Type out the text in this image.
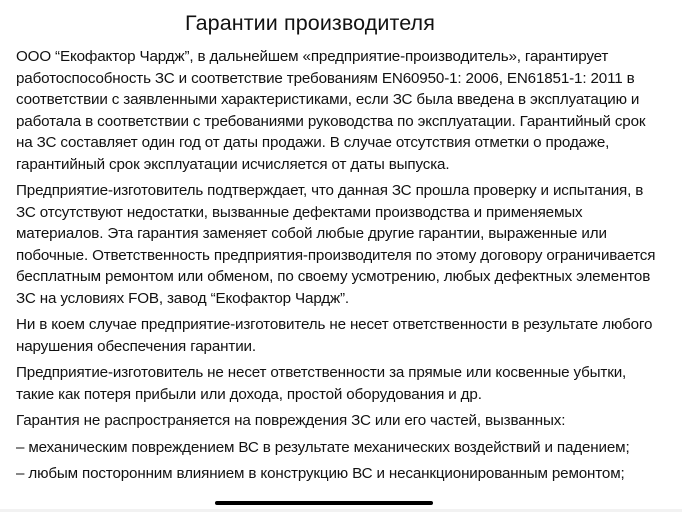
Гарантии производителя

ООО “Екофактор Чардж”, в дальнейшем «предприятие-производитель», гарантирует работоспособность ЗС и соответствие требованиям EN60950-1: 2006, EN61851-1: 2011 в соответствии с заявленными характеристиками, если ЗС была введена в эксплуатацию и работала в соответствии с требованиями руководства по эксплуатации. Гарантийный срок на ЗС составляет один год от даты продажи. В случае отсутствия отметки о продаже, гарантийный срок эксплуатации исчисляется от даты выпуска.

Предприятие-изготовитель подтверждает, что данная ЗС прошла проверку и испытания, в ЗС отсутствуют недостатки, вызванные дефектами производства и применяемых материалов. Эта гарантия заменяет собой любые другие гарантии, выраженные или побочные. Ответственность предприятия-производителя по этому договору ограничивается бесплатным ремонтом или обменом, по своему усмотрению, любых дефектных элементов ЗС на условиях FOB, завод “Екофактор Чардж”.

Ни в коем случае предприятие-изготовитель не несет ответственности в результате любого нарушения обеспечения гарантии.

Предприятие-изготовитель не несет ответственности за прямые или косвенные убытки, такие как потеря прибыли или дохода, простой оборудования и др.

Гарантия не распространяется на повреждения ЗС или его частей, вызванных:

– механическим повреждением ВС в результате механических воздействий и падением;

– любым посторонним влиянием в конструкцию ВС и несанкционированным ремонтом;
